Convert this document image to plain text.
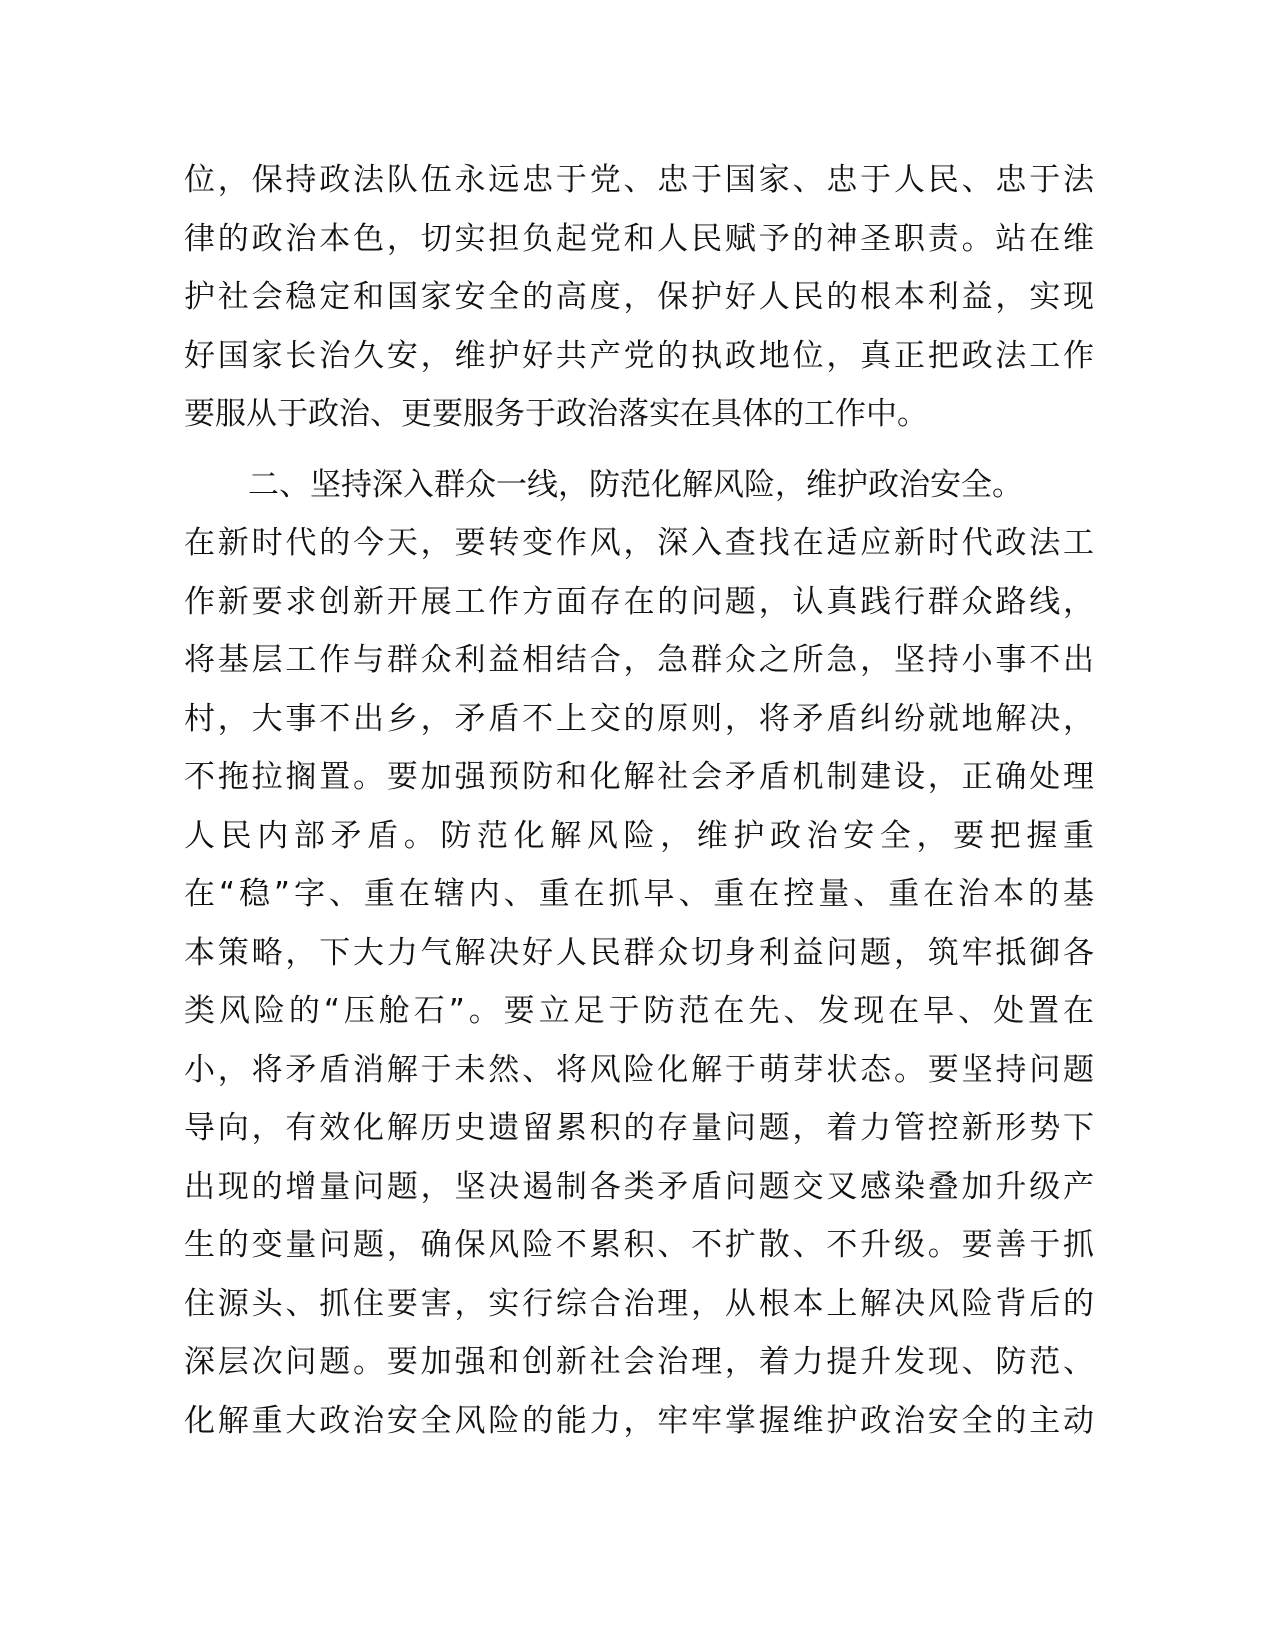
位，保持政法队伍永远忠于党、忠于国家、忠于人民、忠于法
律的政治本色，切实担负起党和人民赋予的神圣职责。站在维
护社会稳定和国家安全的高度，保护好人民的根本利益，实现
好国家长治久安，维护好共产党的执政地位，真正把政法工作
要服从于政治、更要服务于政治落实在具体的工作中。
二、坚持深入群众一线，防范化解风险，维护政治安全。
在新时代的今天，要转变作风，深入查找在适应新时代政法工
作新要求创新开展工作方面存在的问题，认真践行群众路线，
将基层工作与群众利益相结合，急群众之所急，坚持小事不出
村，大事不出乡，矛盾不上交的原则，将矛盾纠纷就地解决，
不拖拉搁置。要加强预防和化解社会矛盾机制建设，正确处理
人民内部矛盾。防范化解风险，维护政治安全，要把握重
在“稳”字、重在辖内、重在抓早、重在控量、重在治本的基
本策略，下大力气解决好人民群众切身利益问题，筑牢抵御各
类风险的“压舱石”。要立足于防范在先、发现在早、处置在
小，将矛盾消解于未然、将风险化解于萌芽状态。要坚持问题
导向，有效化解历史遗留累积的存量问题，着力管控新形势下
出现的增量问题，坚决遏制各类矛盾问题交叉感染叠加升级产
生的变量问题，确保风险不累积、不扩散、不升级。要善于抓
住源头、抓住要害，实行综合治理，从根本上解决风险背后的
深层次问题。要加强和创新社会治理，着力提升发现、防范、
化解重大政治安全风险的能力，牢牢掌握维护政治安全的主动
